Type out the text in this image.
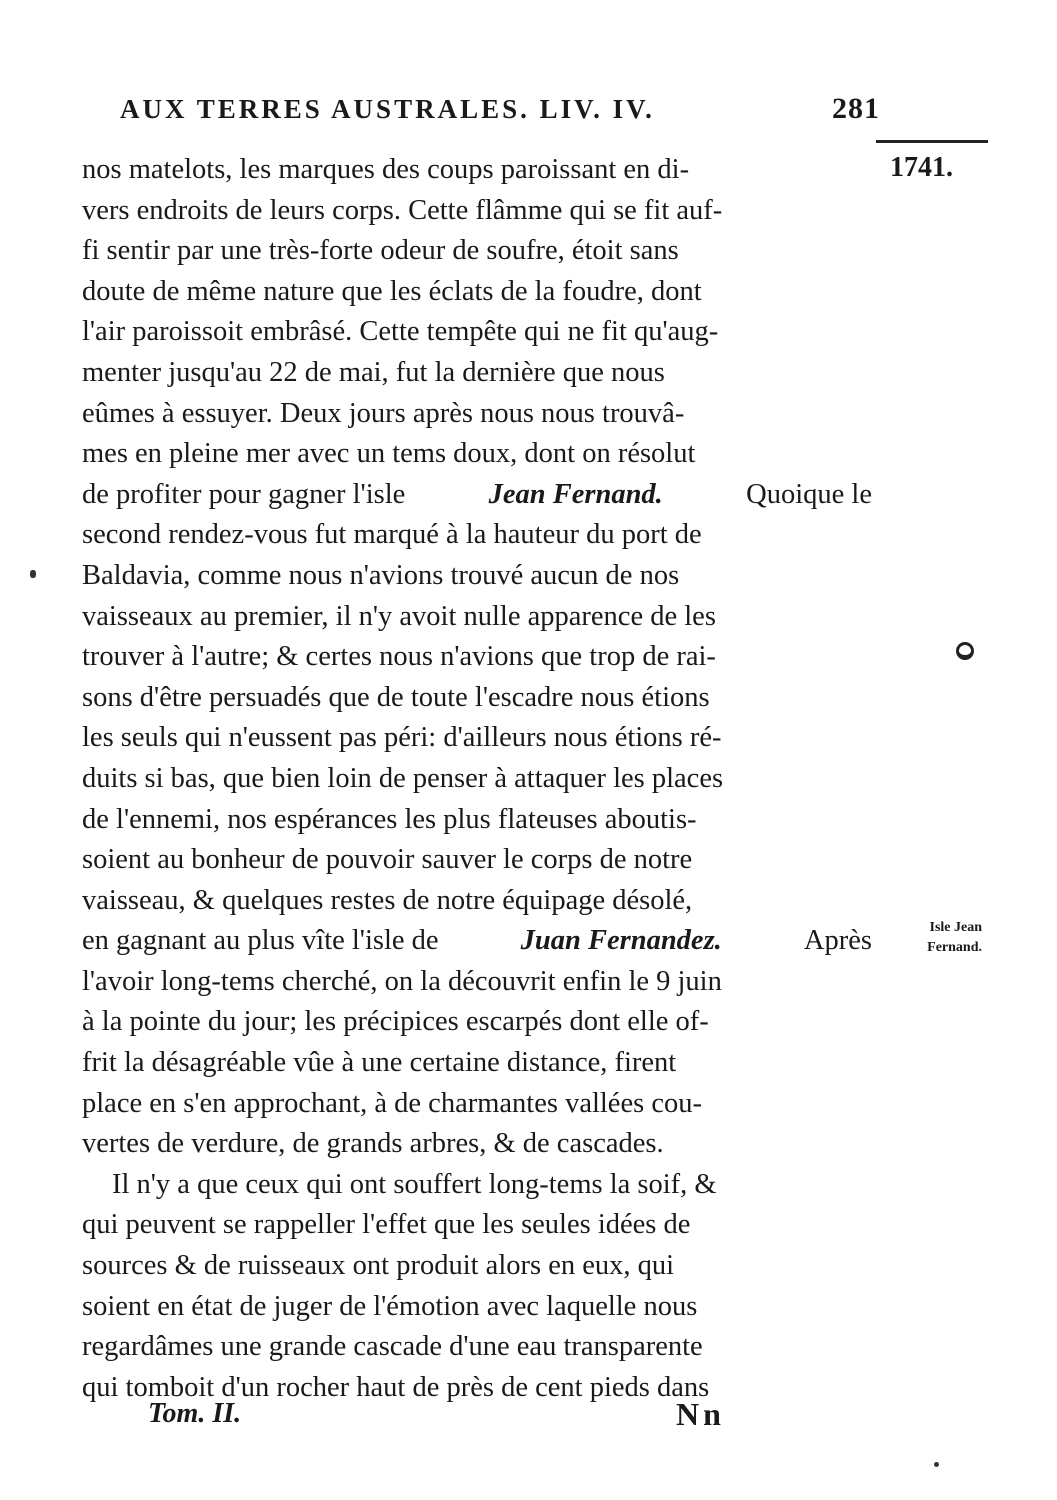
AUX TERRES AUSTRALES. LIV. IV.	281
1741.
Isle Jean
Fernand.
nos matelots, les marques des coups paroissant en di-
vers endroits de leurs corps. Cette flâmme qui se fit auf-
fi sentir par une très-forte odeur de soufre, étoit sans
doute de même nature que les éclats de la foudre, dont
l'air paroissoit embrâsé. Cette tempête qui ne fit qu'aug-
menter jusqu'au 22 de mai, fut la dernière que nous
eûmes à essuyer. Deux jours après nous nous trouvâ-
mes en pleine mer avec un tems doux, dont on résolut
de profiter pour gagner l'isle	Jean Fernand.	Quoique le
second rendez-vous fut marqué à la hauteur du port de
Baldavia, comme nous n'avions trouvé aucun de nos
vaisseaux au premier, il n'y avoit nulle apparence de les
trouver à l'autre; & certes nous n'avions que trop de rai-
sons d'être persuadés que de toute l'escadre nous étions
les seuls qui n'eussent pas péri: d'ailleurs nous étions ré-
duits si bas, que bien loin de penser à attaquer les places
de l'ennemi, nos espérances les plus flateuses aboutis-
soient au bonheur de pouvoir sauver le corps de notre
vaisseau, & quelques restes de notre équipage désolé,
en gagnant au plus vîte l'isle de	Juan Fernandez.	Après
l'avoir long-tems cherché, on la découvrit enfin le 9 juin
à la pointe du jour; les précipices escarpés dont elle of-
frit la désagréable vûe à une certaine distance, firent
place en s'en approchant, à de charmantes vallées cou-
vertes de verdure, de grands arbres, & de cascades.
Il n'y a que ceux qui ont souffert long-tems la soif, &
qui peuvent se rappeller l'effet que les seules idées de
sources & de ruisseaux ont produit alors en eux, qui
soient en état de juger de l'émotion avec laquelle nous
regardâmes une grande cascade d'une eau transparente
qui tomboit d'un rocher haut de près de cent pieds dans
Tom. II.	Nn
